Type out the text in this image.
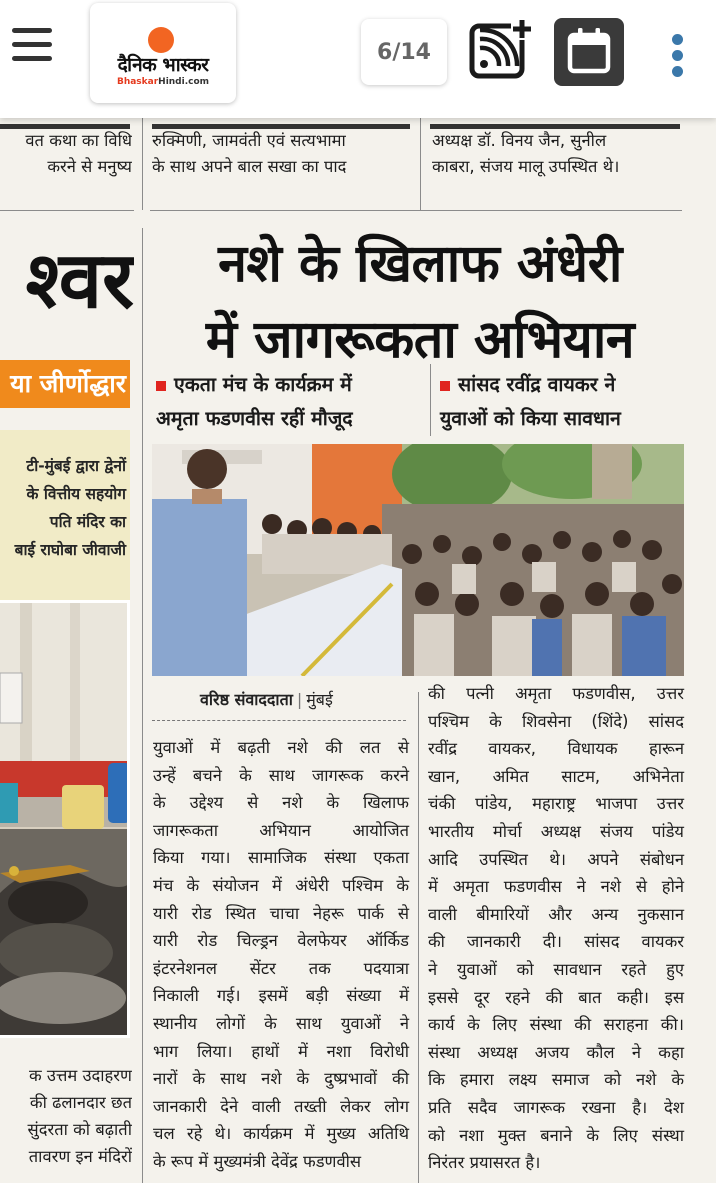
दैनिक भास्कर
BhaskarHindi.com
6/14
वत कथा का विधि
करने से मनुष्य
रुक्मिणी, जामवंती एवं सत्यभामा
के साथ अपने बाल सखा का पाद
अध्यक्ष डॉ. विनय जैन, सुनील
काबरा, संजय मालू उपस्थित थे।
श्वर
या जीर्णोद्धार
टी-मुंबई द्वारा द्वेनों
के वित्तीय सहयोग
पति मंदिर का
बाई राघोबा जीवाजी
क उत्तम उदाहरण
की ढलानदार छत
सुंदरता को बढ़ाती
तावरण इन मंदिरों
नशे के खिलाफ अंधेरी
में जागरूकता अभियान
एकता मंच के कार्यक्रम में
अमृता फडणवीस रहीं मौजूद
सांसद रवींद्र वायकर ने
युवाओं को किया सावधान
वरिष्ठ संवाददाता | मुंबई
युवाओं में बढ़ती नशे की लत से
उन्हें बचने के साथ जागरूक करने
के उद्देश्य से नशे के खिलाफ
जागरूकता अभियान आयोजित
किया गया। सामाजिक संस्था एकता
मंच के संयोजन में अंधेरी पश्चिम के
यारी रोड स्थित चाचा नेहरू पार्क से
यारी रोड चिल्ड्रन वेलफेयर ऑर्किड
इंटरनेशनल सेंटर तक पदयात्रा
निकाली गई। इसमें बड़ी संख्या में
स्थानीय लोगों के साथ युवाओं ने
भाग लिया। हाथों में नशा विरोधी
नारों के साथ नशे के दुष्प्रभावों की
जानकारी देने वाली तख्ती लेकर लोग
चल रहे थे। कार्यक्रम में मुख्य अतिथि
के रूप में मुख्यमंत्री देवेंद्र फडणवीस
की पत्नी अमृता फडणवीस, उत्तर
पश्चिम के शिवसेना (शिंदे) सांसद
रवींद्र वायकर, विधायक हारून
खान, अमित साटम, अभिनेता
चंकी पांडेय, महाराष्ट्र भाजपा उत्तर
भारतीय मोर्चा अध्यक्ष संजय पांडेय
आदि उपस्थित थे। अपने संबोधन
में अमृता फडणवीस ने नशे से होने
वाली बीमारियों और अन्य नुकसान
की जानकारी दी। सांसद वायकर
ने युवाओं को सावधान रहते हुए
इससे दूर रहने की बात कही। इस
कार्य के लिए संस्था की सराहना की।
संस्था अध्यक्ष अजय कौल ने कहा
कि हमारा लक्ष्य समाज को नशे के
प्रति सदैव जागरूक रखना है। देश
को नशा मुक्त बनाने के लिए संस्था
निरंतर प्रयासरत है।
